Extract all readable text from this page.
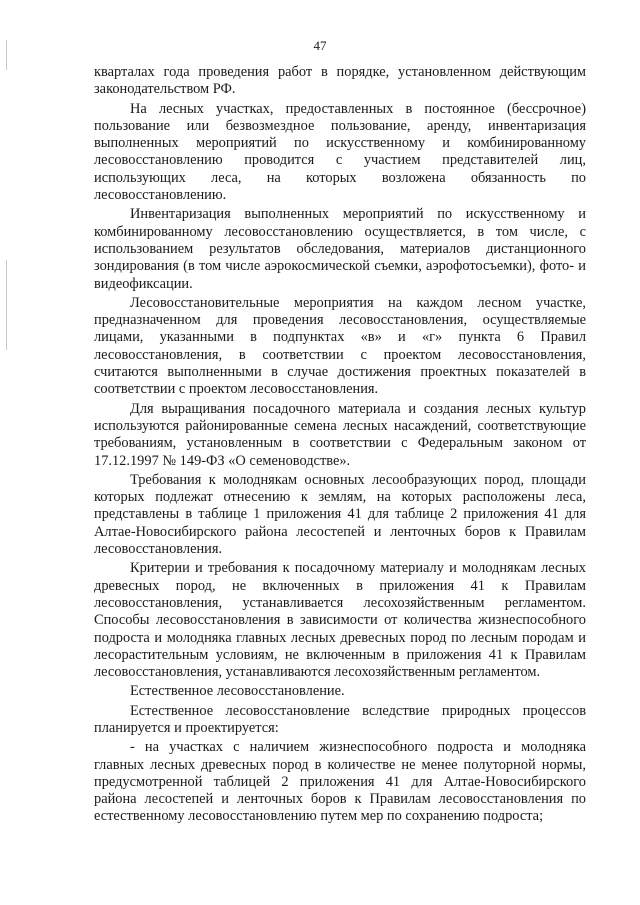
47

кварталах года проведения работ в порядке, установленном действующим законодательством РФ.

На лесных участках, предоставленных в постоянное (бессрочное) пользование или безвозмездное пользование, аренду, инвентаризация выполненных мероприятий по искусственному и комбинированному лесовосстановлению проводится с участием представителей лиц, использующих леса, на которых возложена обязанность по лесовосстановлению.

Инвентаризация выполненных мероприятий по искусственному и комбинированному лесовосстановлению осуществляется, в том числе, с использованием результатов обследования, материалов дистанционного зондирования (в том числе аэрокосмической съемки, аэрофотосъемки), фото- и видеофиксации.

Лесовосстановительные мероприятия на каждом лесном участке, предназначенном для проведения лесовосстановления, осуществляемые лицами, указанными в подпунктах «в» и «г» пункта 6 Правил лесовосстановления, в соответствии с проектом лесовосстановления, считаются выполненными в случае достижения проектных показателей в соответствии с проектом лесовосстановления.

Для выращивания посадочного материала и создания лесных культур используются районированные семена лесных насаждений, соответствующие требованиям, установленным в соответствии с Федеральным законом от 17.12.1997 № 149-ФЗ «О семеноводстве».

Требования к молоднякам основных лесообразующих пород, площади которых подлежат отнесению к землям, на которых расположены леса, представлены в таблице 1 приложения 41 для таблице 2 приложения 41 для Алтае-Новосибирского района лесостепей и ленточных боров к Правилам лесовосстановления.

Критерии и требования к посадочному материалу и молоднякам лесных древесных пород, не включенных в приложения 41 к Правилам лесовосстановления, устанавливается лесохозяйственным регламентом. Способы лесовосстановления в зависимости от количества жизнеспособного подроста и молодняка главных лесных древесных пород по лесным породам и лесорастительным условиям, не включенным в приложения 41 к Правилам лесовосстановления, устанавливаются лесохозяйственным регламентом.

Естественное лесовосстановление.

Естественное лесовосстановление вследствие природных процессов планируется и проектируется:

- на участках с наличием жизнеспособного подроста и молодняка главных лесных древесных пород в количестве не менее полуторной нормы, предусмотренной таблицей 2 приложения 41 для Алтае-Новосибирского района лесостепей и ленточных боров к Правилам лесовосстановления по естественному лесовосстановлению путем мер по сохранению подроста;
